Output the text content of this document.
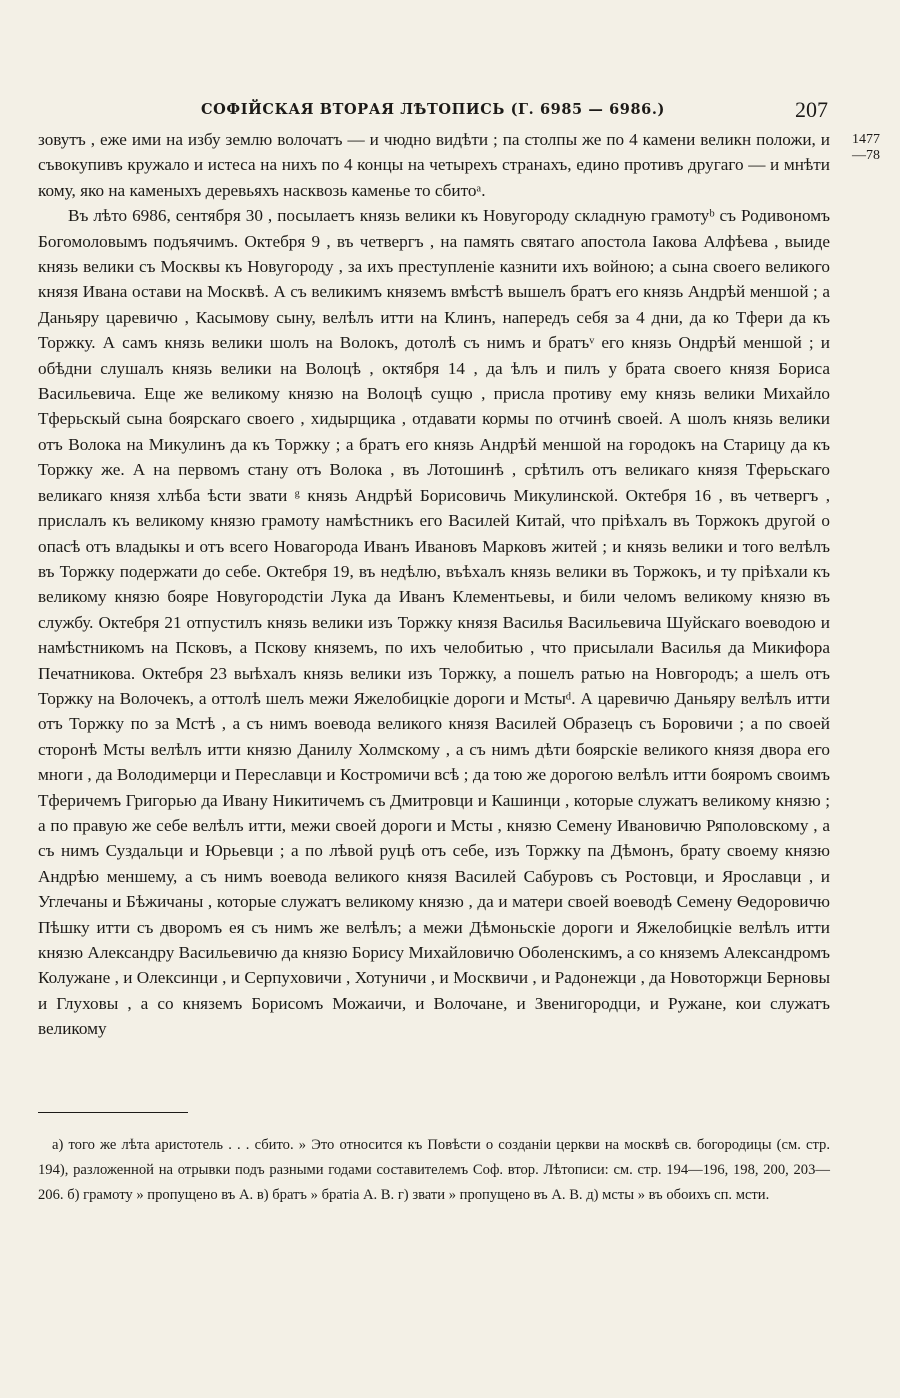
СОФІЙСКАЯ ВТОРАЯ ЛѢТОПИСЬ (Г. 6985 — 6986.)	207
1477
—78

зовутъ , еже ими на избу землю волочатъ — и чюдно видѣти ; па столпы же по 4 камени великн положи, и съвокупивъ кружало и истеса на нихъ по 4 концы на четырехъ странахъ, едино противъ другаго — и мнѣти кому, яко на каменыхъ деревьяхъ насквозь каменье то сбитоᵃ.

Въ лѣто 6986, сентября 30 , посылаетъ князь велики къ Новугороду складную грамотуᵇ съ Родивономъ Богомоловымъ подъячимъ. Октебря 9 , въ четвергъ , на память святаго апостола Іакова Алфѣева , выиде князь велики съ Москвы къ Новугороду , за ихъ преступленіе казнити ихъ войною; а сына своего великого князя Ивана остави на Москвѣ. А съ великимъ княземъ вмѣстѣ вышелъ братъ его князь Андрѣй меншой ; а Даньяру царевичю , Касымову сыну, велѣлъ итти на Клинъ, напередъ себя за 4 дни, да ко Тфери да къ Торжку. А самъ князь велики шолъ на Волокъ, дотолѣ съ нимъ и братъᵛ его князь Ондрѣй меншой ; и обѣдни слушалъ князь велики на Волоцѣ , октября 14 , да ѣлъ и пилъ у брата своего князя Бориса Васильевича. Еще же великому князю на Волоцѣ сущю , присла противу ему князь велики Михайло Тферьскый сына боярскаго своего , хидырщика , отдавати кормы по отчинѣ своей. А шолъ князь велики отъ Волока на Микулинъ да къ Торжку ; а братъ его князь Андрѣй меншой на городокъ на Старицу да къ Торжку же. А на первомъ стану отъ Волока , въ Лотошинѣ , срѣтилъ отъ великаго князя Тферьскаго великаго князя хлѣба ѣсти звати ᵍ князь Андрѣй Борисовичь Микулинской. Октебря 16 , въ четвергъ , прислалъ къ великому князю грамоту намѣстникъ его Василей Китай, что пріѣхалъ въ Торжокъ другой о опасѣ отъ владыкы и отъ всего Новагорода Иванъ Ивановъ Марковъ житей ; и князь велики и того велѣлъ въ Торжку подержати до себе. Октебря 19, въ недѣлю, въѣхалъ князь велики въ Торжокъ, и ту пріѣхали къ великому князю бояре Новугородстіи Лука да Иванъ Клементьевы, и били челомъ великому князю въ службу. Октебря 21 отпустилъ князь велики изъ Торжку князя Василья Васильевича Шуйскаго воеводою и намѣстникомъ на Псковъ, а Пскову княземъ, по ихъ челобитью , что присылали Василья да Микифора Печатникова. Октебря 23 выѣхалъ князь велики изъ Торжку, а пошелъ ратью на Новгородъ; а шелъ отъ Торжку на Волочекъ, а оттолѣ шелъ межи Яжелобицкіе дороги и Мстыᵈ. А царевичю Даньяру велѣлъ итти отъ Торжку по за Мстѣ , а съ нимъ воевода великого князя Василей Образецъ съ Боровичи ; а по своей сторонѣ Мсты велѣлъ итти князю Данилу Холмскому , а съ нимъ дѣти боярскіе великого князя двора его многи , да Володимерци и Переславци и Костромичи всѣ ; да тою же дорогою велѣлъ итти бояромъ своимъ Тферичемъ Григорью да Ивану Никитичемъ съ Дмитровци и Кашинци , которые служатъ великому князю ; а по правую же себе велѣлъ итти, межи своей дороги и Мсты , князю Семену Ивановичю Ряполовскому , а съ нимъ Суздальци и Юрьевци ; а по лѣвой руцѣ отъ себе, изъ Торжку па Дѣмонъ, брату своему князю Андрѣю меншему, а съ нимъ воевода великого князя Василей Сабуровъ съ Ростовци, и Ярославци , и Углечаны и Бѣжичаны , которые служатъ великому князю , да и матери своей воеводѣ Семену Ѳедоровичю Пѣшку итти съ дворомъ ея съ нимъ же велѣлъ; а межи Дѣмоньскіе дороги и Яжелобицкіе велѣлъ итти князю Александру Васильевичю да князю Борису Михайловичю Оболенскимъ, а со княземъ Александромъ Колужане , и Олексинци , и Серпуховичи , Хотуничи , и Москвичи , и Радонежци , да Новоторжци Берновы и Глуховы , а со княземъ Борисомъ Можаичи, и Волочане, и Звенигородци, и Ружане, кои служатъ великому

а) того же лѣта аристотель . . . сбито. » Это относится къ Повѣсти о созданіи церкви на москвѣ св. богородицы (см. стр. 194), разложенной на отрывки подъ разными годами составителемъ Соф. втор. Лѣтописи: см. стр. 194—196, 198, 200, 203—206. б) грамоту » пропущено въ А. в) братъ » братіа А. В. г) звати » пропущено въ А. В. д) мсты » въ обоихъ сп. мсти.
